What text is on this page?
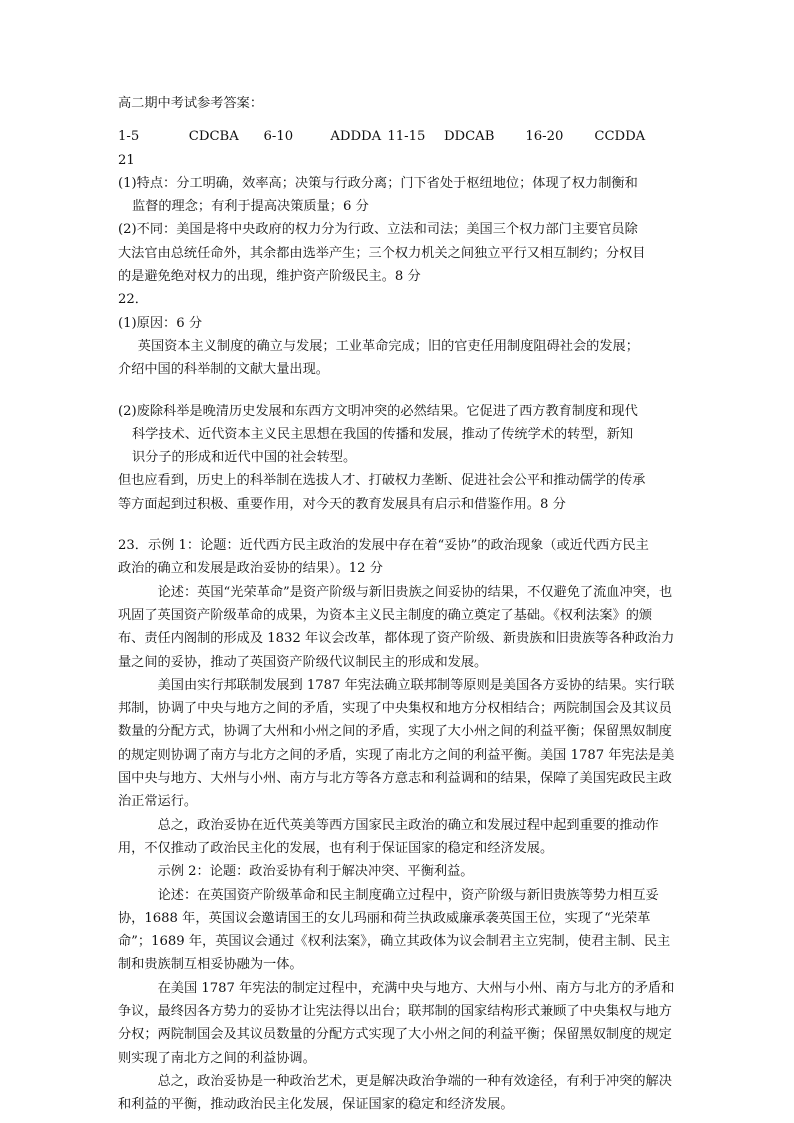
高二期中考试参考答案：
1-5	CDCBA 6-10	ADDDA 11-15 DDCAB 16-20 CCDDA
21
(1)特点：分工明确，效率高；决策与行政分离；门下省处于枢纽地位；体现了权力制衡和
监督的理念；有利于提高决策质量；6 分
(2)不同：美国是将中央政府的权力分为行政、立法和司法；美国三个权力部门主要官员除
大法官由总统任命外，其余都由选举产生；三个权力机关之间独立平行又相互制约；分权目
的是避免绝对权力的出现，维护资产阶级民主。8 分
22．
(1)原因：6 分
英国资本主义制度的确立与发展；工业革命完成；旧的官吏任用制度阻碍社会的发展；
介绍中国的科举制的文献大量出现。
(2)废除科举是晚清历史发展和东西方文明冲突的必然结果。它促进了西方教育制度和现代
科学技术、近代资本主义民主思想在我国的传播和发展，推动了传统学术的转型，新知
识分子的形成和近代中国的社会转型。
但也应看到，历史上的科举制在选拔人才、打破权力垄断、促进社会公平和推动儒学的传承
等方面起到过积极、重要作用，对今天的教育发展具有启示和借鉴作用。8 分
23．示例 1：论题：近代西方民主政治的发展中存在着“妥协”的政治现象（或近代西方民主
政治的确立和发展是政治妥协的结果）。12 分
论述：英国“光荣革命”是资产阶级与新旧贵族之间妥协的结果，不仅避免了流血冲突，也巩固了英国资产阶级革命的成果，为资本主义民主制度的确立奠定了基础。《权利法案》的颁布、责任内阁制的形成及 1832 年议会改革，都体现了资产阶级、新贵族和旧贵族等各种政治力量之间的妥协，推动了英国资产阶级代议制民主的形成和发展。
美国由实行邦联制发展到 1787 年宪法确立联邦制等原则是美国各方妥协的结果。实行联邦制，协调了中央与地方之间的矛盾，实现了中央集权和地方分权相结合；两院制国会及其议员数量的分配方式，协调了大州和小州之间的矛盾，实现了大小州之间的利益平衡；保留黑奴制度的规定则协调了南方与北方之间的矛盾，实现了南北方之间的利益平衡。美国 1787 年宪法是美国中央与地方、大州与小州、南方与北方等各方意志和利益调和的结果，保障了美国宪政民主政治正常运行。
总之，政治妥协在近代英美等西方国家民主政治的确立和发展过程中起到重要的推动作用，不仅推动了政治民主化的发展，也有利于保证国家的稳定和经济发展。
示例 2：论题：政治妥协有利于解决冲突、平衡利益。
论述：在英国资产阶级革命和民主制度确立过程中，资产阶级与新旧贵族等势力相互妥协，1688 年，英国议会邀请国王的女儿玛丽和荷兰执政威廉承袭英国王位，实现了“光荣革命”；1689 年，英国议会通过《权利法案》，确立其政体为议会制君主立宪制，使君主制、民主制和贵族制互相妥协融为一体。
在美国 1787 年宪法的制定过程中，充满中央与地方、大州与小州、南方与北方的矛盾和争议，最终因各方势力的妥协才让宪法得以出台；联邦制的国家结构形式兼顾了中央集权与地方分权；两院制国会及其议员数量的分配方式实现了大小州之间的利益平衡；保留黑奴制度的规定则实现了南北方之间的利益协调。
总之，政治妥协是一种政治艺术，更是解决政治争端的一种有效途径，有利于冲突的解决和利益的平衡，推动政治民主化发展，保证国家的稳定和经济发展。
